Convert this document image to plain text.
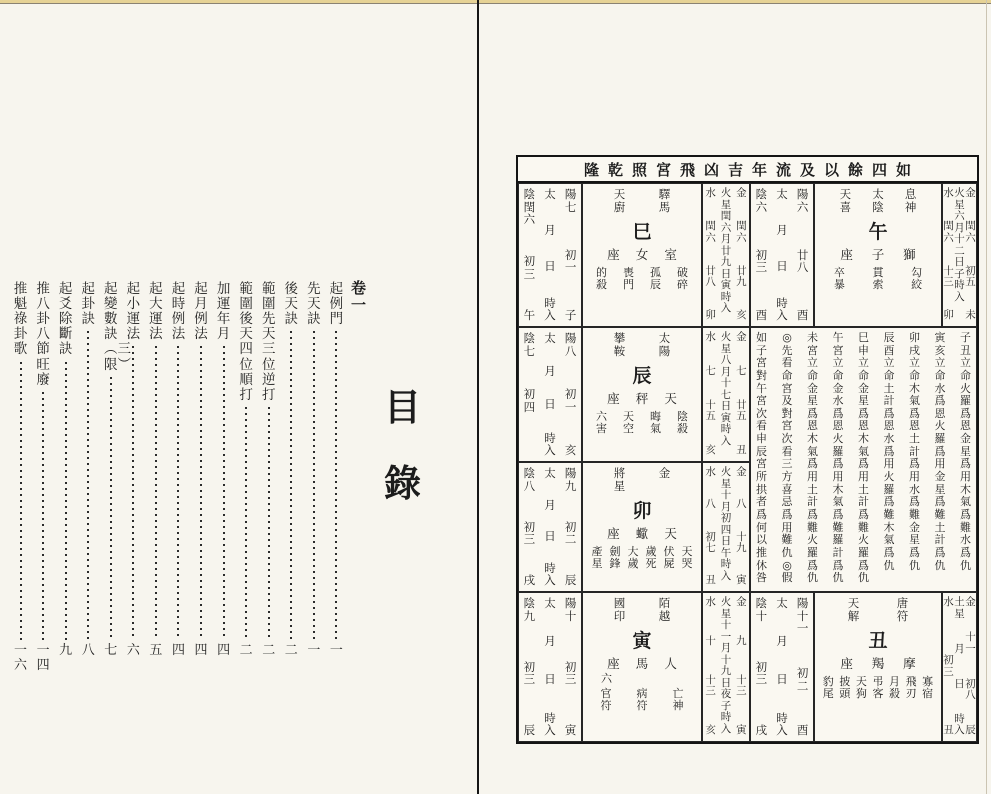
卷一
目錄
起例門
一
先天訣
一
後天訣
二
範圍先天三位逆打
二
範圍後天四位順打
二
加運年月
四
起月例法
四
起時例法
四
起大運法
五
起小運法
六
起變數訣︵三限︶
七
起卦訣
八
起爻除斷訣
九
推八卦八節旺廢
一四
推魁祿卦歌
一六
隆乾照宮飛凶吉年流及以餘四如
陽六
廿八
酉
太
月
日
時入
陰六
初三
酉
息神
太陰
天喜
午
獅
子
座
勾絞
貫索
卒暴
金
閏六
初五
未
火星六月十二日子時入
水
閏六
十三
卯
陽七
初一
子
太
月
日
時入
陰閏六
初三
午
驛馬
天廚
巳
室
女
座
破碎
孤辰
喪門
的殺
金
閏六
廿九
亥
火星閏六月廿九日寅時入
水
閏六
廿八
卯
陽八
初一
亥
太
月
日
時入
陰七
初四

太陽
攀鞍
辰
天
秤
座
陰殺
晦氣
天空
六害
金
七
廿五
丑
火星八月十七日寅時入
水
七
十五
亥
陽九
初二
辰
太
月
日
時入
陰八
初三
戌
金
將星
卯
天
蠍
座
天哭
伏屍
歲死
大歲
劍鋒
產星
金
八
十九
寅
火星十月初四日午時入
水
八
初七
丑
陽十
初三
寅
太
月
日
時入
陰九
初三
辰
陌越
國印
寅
人
馬
座
六
亡神
病符
官符
金
九
十三
寅
火星十一月十九日夜子時入
水
十
十三
亥
陽十一
初二
酉
太
月
日
時入
陰十
初三
戌
唐符
天解
丑
摩
羯
座
寡宿
飛刃
月殺
弔客
天狗
披頭
豹尾
金
十一
初八
辰
土星
月
日
時入
水
初三
丑
子丑立命火羅爲恩金星爲用木氣爲難水爲仇
寅亥立命水爲恩火羅爲用金星爲難土計爲仇
卯戌立命木氣爲恩土計爲用水爲難金星爲仇
辰酉立命土計爲恩水爲用火羅爲難木氣爲仇
巳申立命金星爲恩木氣爲用土計爲難火羅爲仇
午宮立命金水爲恩火羅爲用木氣爲難羅計爲仇
未宮立命金星爲恩木氣爲用土計爲難火羅爲仇
◎先看命宮及對宮次看三方喜忌爲用難仇◎假
如子宮對午宮次看申辰宮所拱者爲何以推休咎
